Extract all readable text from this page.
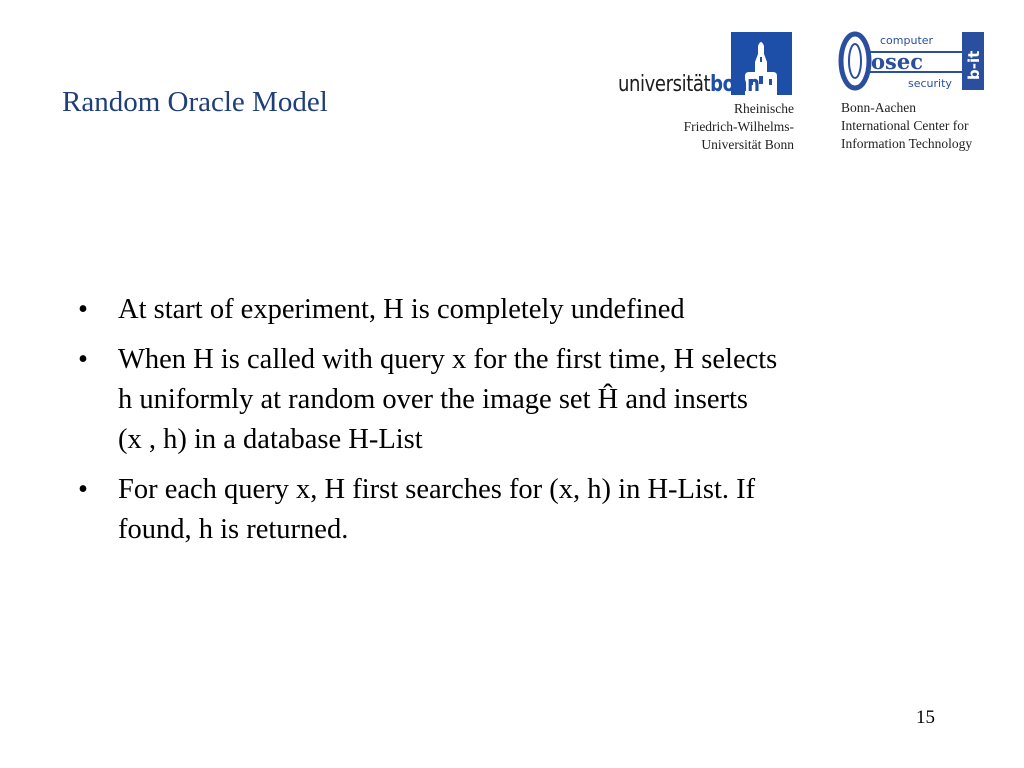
Random Oracle Model
universitätbonn
Rheinische
Friedrich-Wilhelms-
Universität Bonn
osec
computer
security
b-it
Bonn-Aachen
International Center for
Information Technology
• At start of experiment, H is completely undefined
• When H is called with query x for the first time, H selects
h uniformly at random over the image set Ĥ and inserts
(x , h) in a database H-List
• For each query x, H first searches for (x, h) in H-List. If
found, h is returned.
15
